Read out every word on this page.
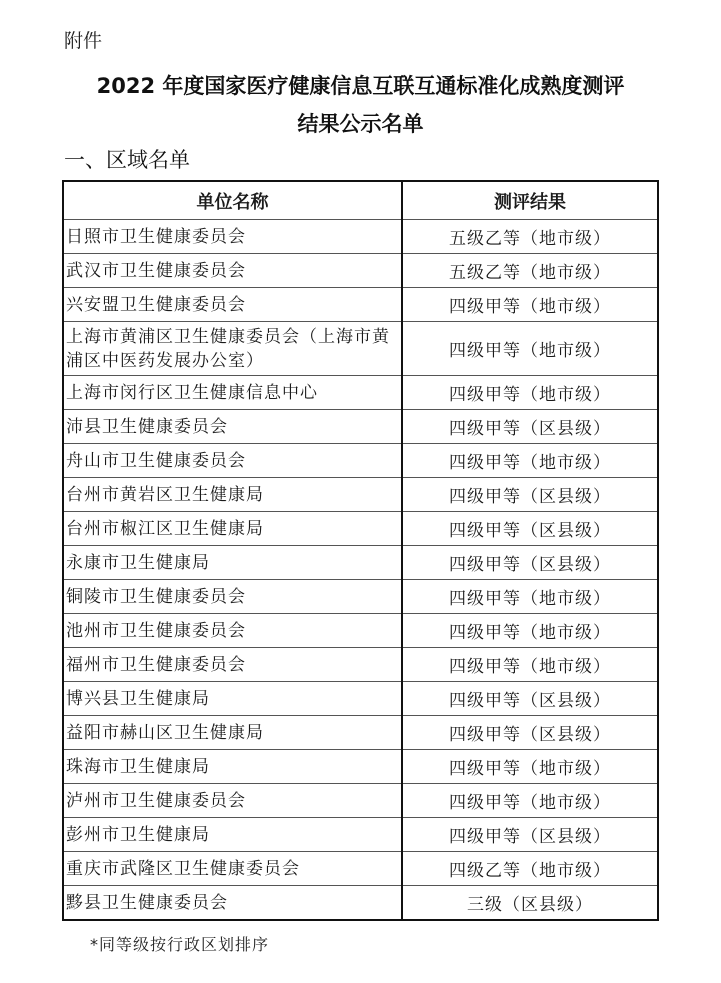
附件
2022 年度国家医疗健康信息互联互通标准化成熟度测评
结果公示名单
一、区域名单
单位名称	测评结果
日照市卫生健康委员会	五级乙等（地市级）
武汉市卫生健康委员会	五级乙等（地市级）
兴安盟卫生健康委员会	四级甲等（地市级）
上海市黄浦区卫生健康委员会（上海市黄浦区中医药发展办公室）	四级甲等（地市级）
上海市闵行区卫生健康信息中心	四级甲等（地市级）
沛县卫生健康委员会	四级甲等（区县级）
舟山市卫生健康委员会	四级甲等（地市级）
台州市黄岩区卫生健康局	四级甲等（区县级）
台州市椒江区卫生健康局	四级甲等（区县级）
永康市卫生健康局	四级甲等（区县级）
铜陵市卫生健康委员会	四级甲等（地市级）
池州市卫生健康委员会	四级甲等（地市级）
福州市卫生健康委员会	四级甲等（地市级）
博兴县卫生健康局	四级甲等（区县级）
益阳市赫山区卫生健康局	四级甲等（区县级）
珠海市卫生健康局	四级甲等（地市级）
泸州市卫生健康委员会	四级甲等（地市级）
彭州市卫生健康局	四级甲等（区县级）
重庆市武隆区卫生健康委员会	四级乙等（地市级）
黟县卫生健康委员会	三级（区县级）
*同等级按行政区划排序
